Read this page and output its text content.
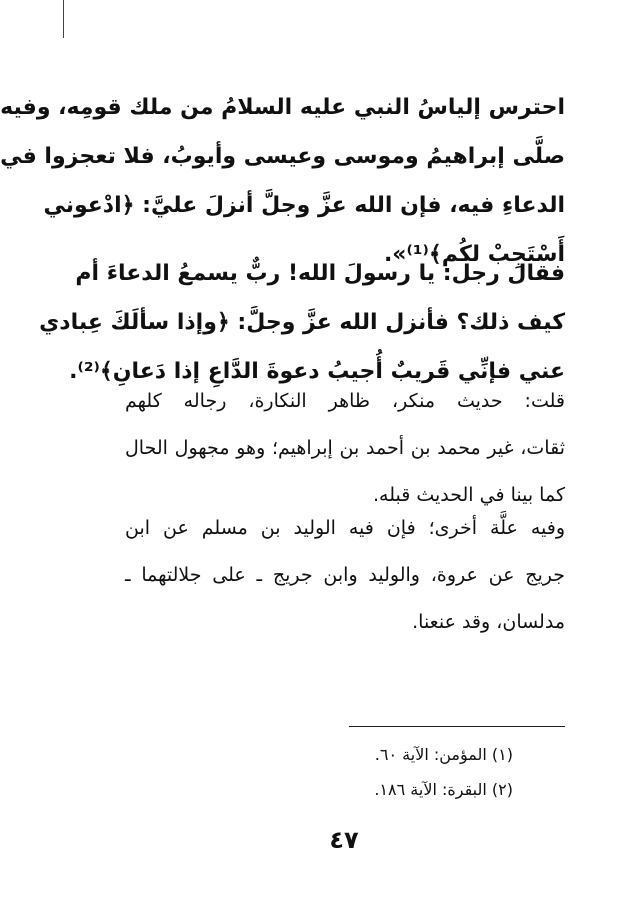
احترس إلياسُ النبي عليه السلامُ من ملك قومِه، وفيه
صلَّى إبراهيمُ وموسى وعيسى وأيوبُ، فلا تعجزوا في
الدعاءِ فيه، فإن الله عزَّ وجلَّ أنزلَ عليَّ: ﴿ادْعوني
أَسْتَجِبْ لكُم﴾⁽¹⁾».
فقال رجل: يا رسولَ الله! ربٌّ يسمعُ الدعاءَ أم
كيف ذلك؟ فأنزل الله عزَّ وجلَّ: ﴿وإذا سألَكَ عِبادي
عني فإنِّي قَريبٌ أُجيبُ دعوةَ الدَّاعِ إذا دَعانِ﴾⁽²⁾.
قلت: حديث منكر، ظاهر النكارة، رجاله كلهم
ثقات، غير محمد بن أحمد بن إبراهيم؛ وهو مجهول الحال
كما بينا في الحديث قبله.
وفيه علَّة أخرى؛ فإن فيه الوليد بن مسلم عن ابن
جريج عن عروة، والوليد وابن جريج ـ على جلالتهما ـ
مدلسان، وقد عنعنا.
(١) المؤمن: الآية ٦٠.
(٢) البقرة: الآية ١٨٦.
٤٧
